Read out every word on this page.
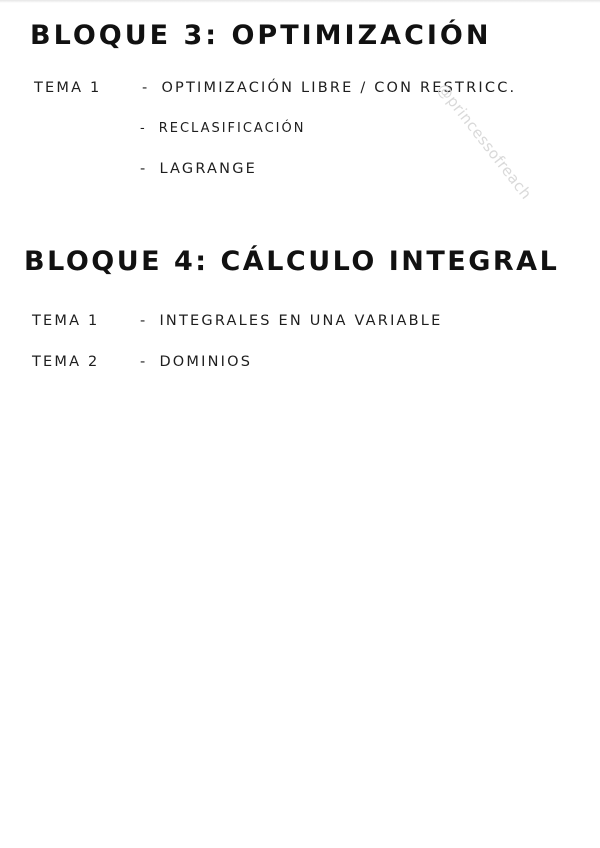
BLOQUE 3: OPTIMIZACIÓN
TEMA 1	- OPTIMIZACIÓN LIBRE / CON RESTRICC.
- RECLASIFICACIÓN
- LAGRANGE
BLOQUE 4: CÁLCULO INTEGRAL
TEMA 1	- INTEGRALES EN UNA VARIABLE
TEMA 2	- DOMINIOS
@princessofreach
